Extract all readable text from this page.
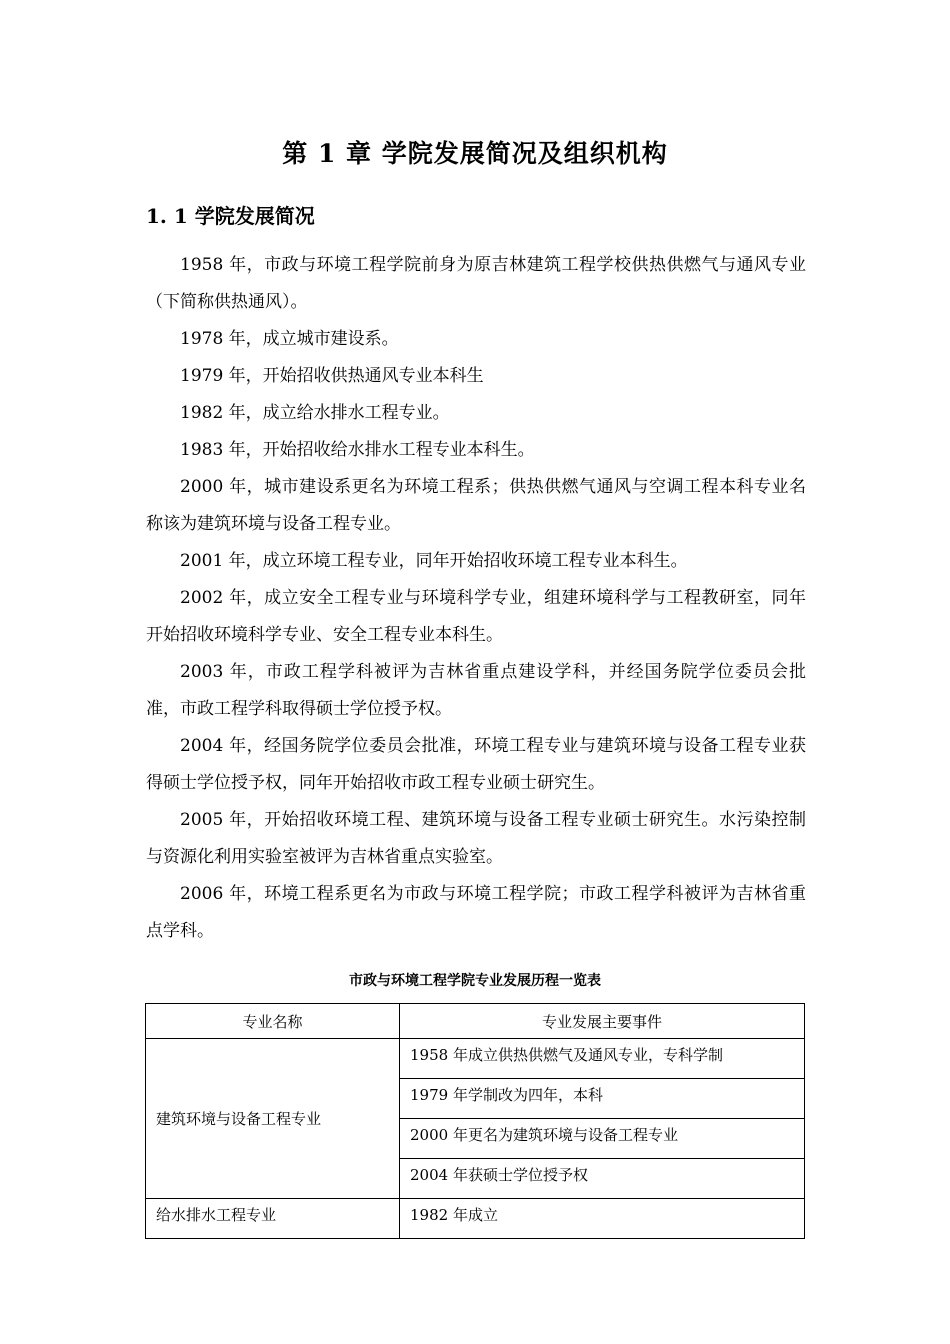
第 1 章 学院发展简况及组织机构
1. 1 学院发展简况

1958 年，市政与环境工程学院前身为原吉林建筑工程学校供热供燃气与通风专业（下简称供热通风）。

1978 年，成立城市建设系。

1979 年，开始招收供热通风专业本科生

1982 年，成立给水排水工程专业。

1983 年，开始招收给水排水工程专业本科生。

2000 年，城市建设系更名为环境工程系；供热供燃气通风与空调工程本科专业名称该为建筑环境与设备工程专业。

2001 年，成立环境工程专业，同年开始招收环境工程专业本科生。

2002 年，成立安全工程专业与环境科学专业，组建环境科学与工程教研室，同年开始招收环境科学专业、安全工程专业本科生。

2003 年，市政工程学科被评为吉林省重点建设学科，并经国务院学位委员会批准，市政工程学科取得硕士学位授予权。

2004 年，经国务院学位委员会批准，环境工程专业与建筑环境与设备工程专业获得硕士学位授予权，同年开始招收市政工程专业硕士研究生。

2005 年，开始招收环境工程、建筑环境与设备工程专业硕士研究生。水污染控制与资源化利用实验室被评为吉林省重点实验室。

2006 年，环境工程系更名为市政与环境工程学院；市政工程学科被评为吉林省重点学科。

市政与环境工程学院专业发展历程一览表

专业名称	专业发展主要事件
建筑环境与设备工程专业	1958 年成立供热供燃气及通风专业，专科学制
	1979 年学制改为四年，本科
	2000 年更名为建筑环境与设备工程专业
	2004 年获硕士学位授予权
给水排水工程专业	1982 年成立
